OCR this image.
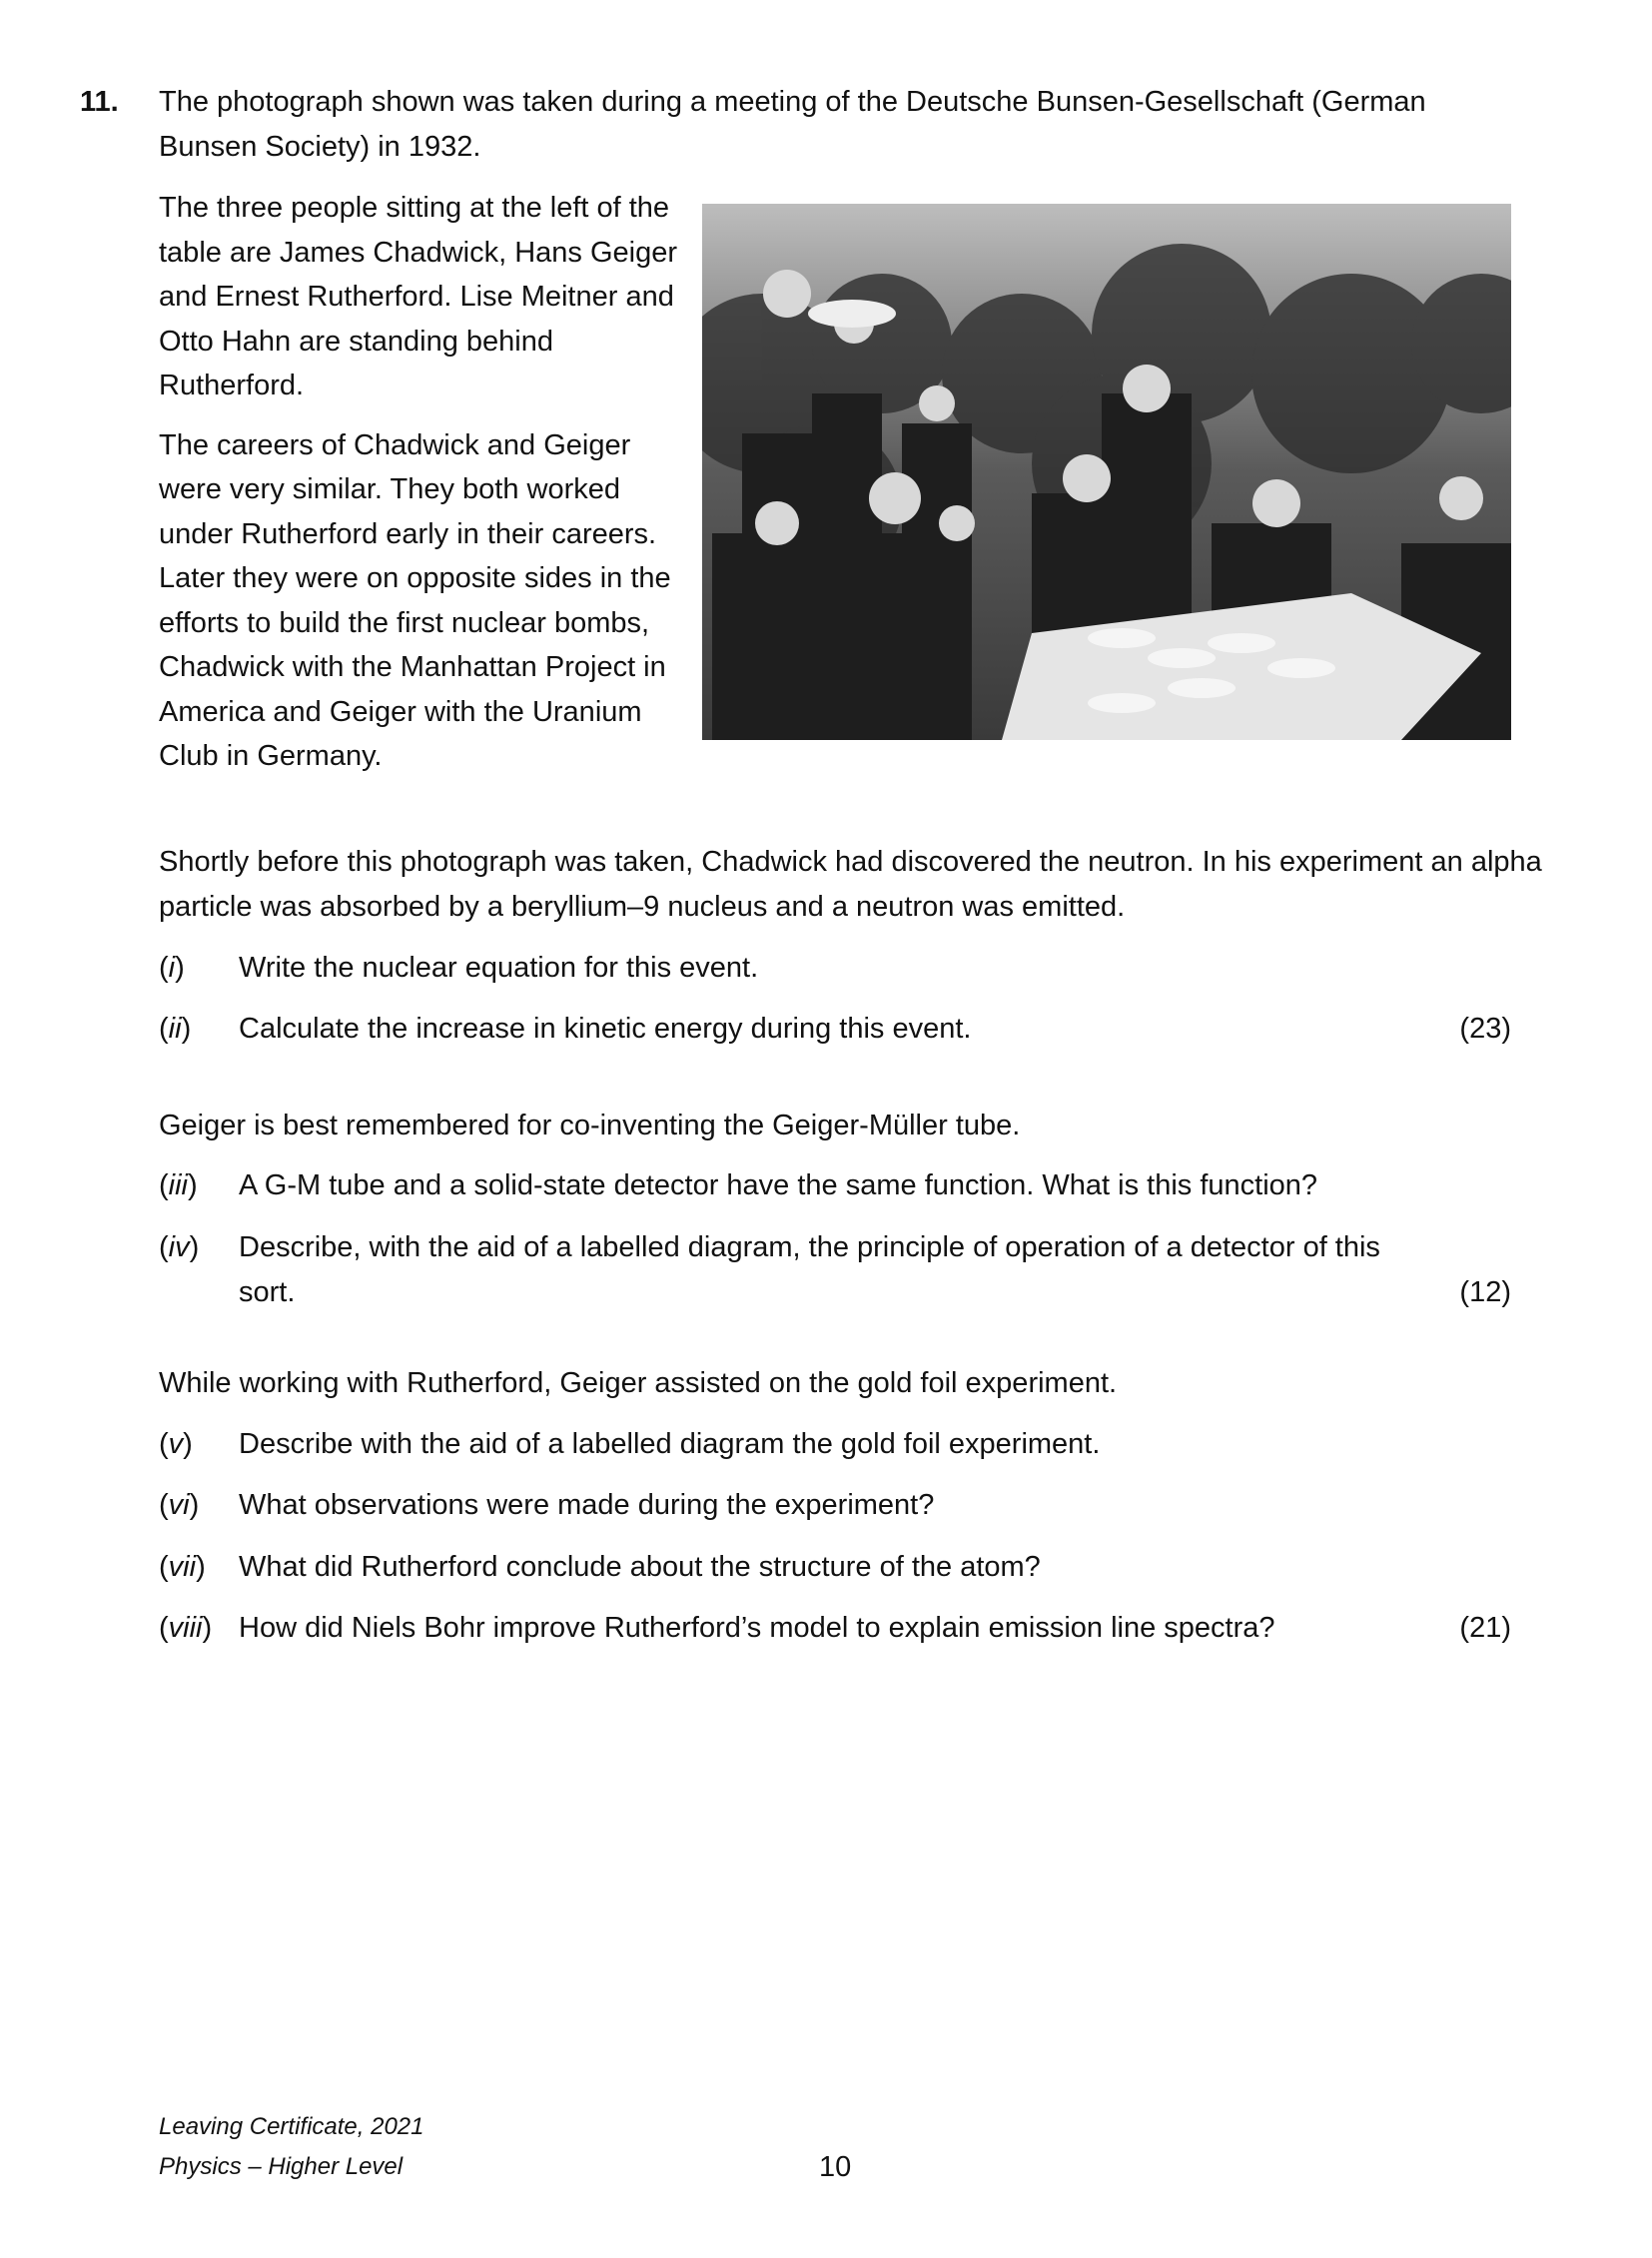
11. The photograph shown was taken during a meeting of the Deutsche Bunsen-Gesellschaft (German Bunsen Society) in 1932.

The three people sitting at the left of the table are James Chadwick, Hans Geiger and Ernest Rutherford. Lise Meitner and Otto Hahn are standing behind Rutherford.

The careers of Chadwick and Geiger were very similar. They both worked under Rutherford early in their careers. Later they were on opposite sides in the efforts to build the first nuclear bombs, Chadwick with the Manhattan Project in America and Geiger with the Uranium Club in Germany.

Shortly before this photograph was taken, Chadwick had discovered the neutron. In his experiment an alpha particle was absorbed by a beryllium–9 nucleus and a neutron was emitted.
(i) Write the nuclear equation for this event.
(ii) Calculate the increase in kinetic energy during this event.	(23)
Geiger is best remembered for co-inventing the Geiger-Müller tube.
(iii) A G-M tube and a solid-state detector have the same function. What is this function?
(iv) Describe, with the aid of a labelled diagram, the principle of operation of a detector of this
sort.	(12)
While working with Rutherford, Geiger assisted on the gold foil experiment.
(v) Describe with the aid of a labelled diagram the gold foil experiment.
(vi) What observations were made during the experiment?
(vii) What did Rutherford conclude about the structure of the atom?
(viii) How did Niels Bohr improve Rutherford’s model to explain emission line spectra?	(21)
Leaving Certificate, 2021
Physics – Higher Level	10
